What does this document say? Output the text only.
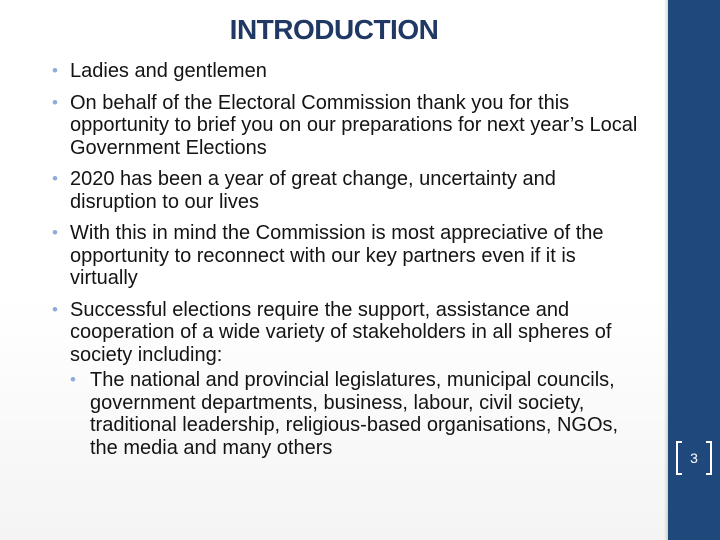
INTRODUCTION
• Ladies and gentlemen
• On behalf of the Electoral Commission thank you for this opportunity to brief you on our preparations for next year’s Local Government Elections
• 2020 has been a year of great change, uncertainty and disruption to our lives
• With this in mind the Commission is most appreciative of the opportunity to reconnect with our key partners even if it is virtually
• Successful elections require the support, assistance and cooperation of a wide variety of stakeholders in all spheres of society including:
• The national and provincial legislatures, municipal councils, government departments, business, labour, civil society, traditional leadership, religious-based organisations, NGOs, the media and many others	3
